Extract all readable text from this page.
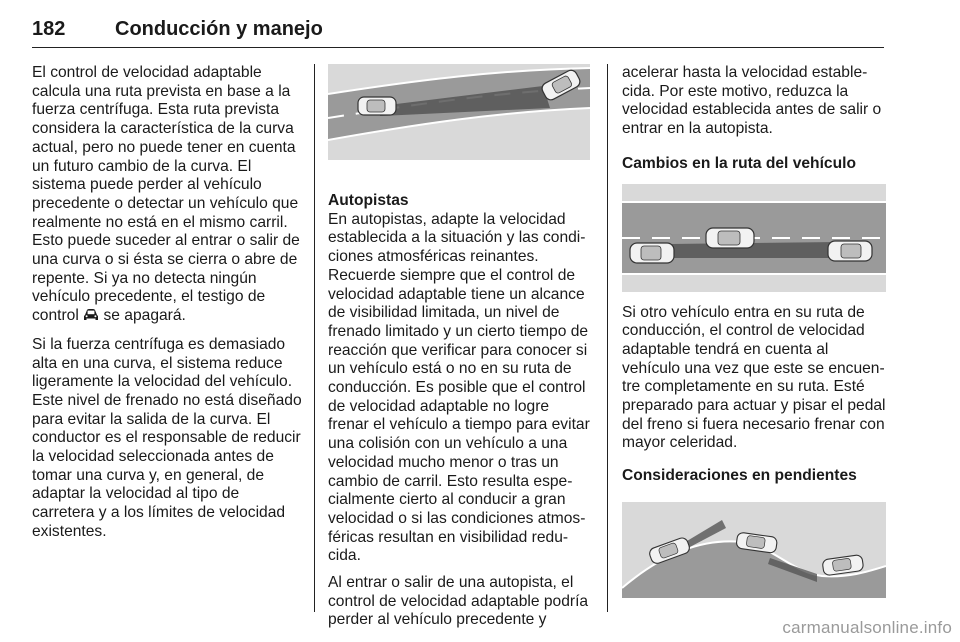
182 Conducción y manejo

El control de velocidad adaptable calcula una ruta prevista en base a la fuerza centrífuga. Esta ruta prevista considera la característica de la curva actual, pero no puede tener en cuenta un futuro cambio de la curva. El sistema puede perder al vehículo precedente o detectar un vehículo que realmente no está en el mismo carril. Esto puede suceder al entrar o salir de una curva o si ésta se cierra o abre de repente. Si ya no detecta ningún vehículo precedente, el testigo de control se apagará.

Si la fuerza centrífuga es demasiado alta en una curva, el sistema reduce ligeramente la velocidad del vehículo. Este nivel de frenado no está diseñado para evitar la salida de la curva. El conductor es el responsable de reducir la velocidad seleccionada antes de tomar una curva y, en general, de adaptar la velocidad al tipo de carretera y a los límites de velocidad existentes.

Autopistas

En autopistas, adapte la velocidad establecida a la situación y las condiciones atmosféricas reinantes. Recuerde siempre que el control de velocidad adaptable tiene un alcance de visibilidad limitada, un nivel de frenado limitado y un cierto tiempo de reacción que verificar para conocer si un vehículo está o no en su ruta de conducción. Es posible que el control de velocidad adaptable no logre frenar el vehículo a tiempo para evitar una colisión con un vehículo a una velocidad mucho menor o tras un cambio de carril. Esto resulta especialmente cierto al conducir a gran velocidad o si las condiciones atmosféricas resultan en visibilidad reducida.

Al entrar o salir de una autopista, el control de velocidad adaptable podría perder al vehículo precedente y

acelerar hasta la velocidad establecida. Por este motivo, reduzca la velocidad establecida antes de salir o entrar en la autopista.

Cambios en la ruta del vehículo

Si otro vehículo entra en su ruta de conducción, el control de velocidad adaptable tendrá en cuenta al vehículo una vez que este se encuentre completamente en su ruta. Esté preparado para actuar y pisar el pedal del freno si fuera necesario frenar con mayor celeridad.

Consideraciones en pendientes
carmanualsonline.info
